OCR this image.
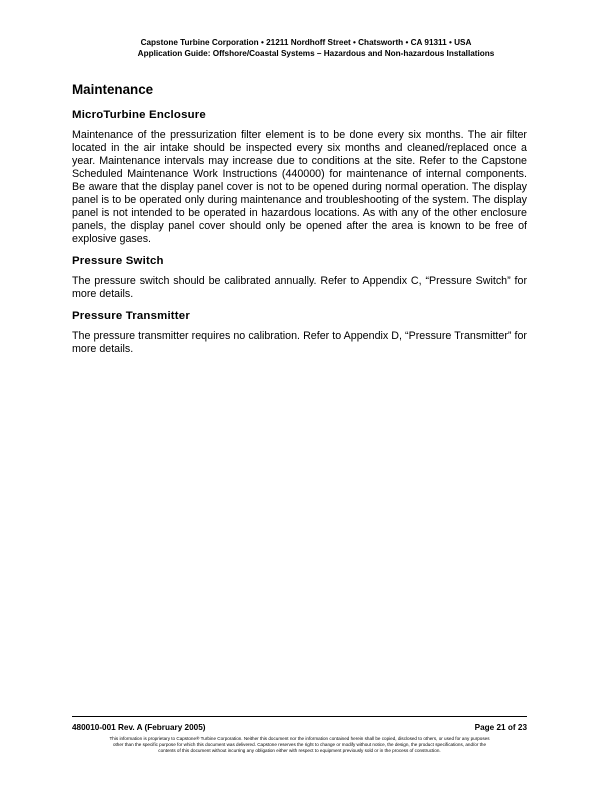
Capstone Turbine Corporation • 21211 Nordhoff Street • Chatsworth • CA 91311 • USA
Application Guide: Offshore/Coastal Systems – Hazardous and Non-hazardous Installations
Maintenance
MicroTurbine Enclosure

Maintenance of the pressurization filter element is to be done every six months. The air filter located in the air intake should be inspected every six months and cleaned/replaced once a year. Maintenance intervals may increase due to conditions at the site. Refer to the Capstone Scheduled Maintenance Work Instructions (440000) for maintenance of internal components. Be aware that the display panel cover is not to be opened during normal operation. The display panel is to be operated only during maintenance and troubleshooting of the system. The display panel is not intended to be operated in hazardous locations. As with any of the other enclosure panels, the display panel cover should only be opened after the area is known to be free of explosive gases.

Pressure Switch

The pressure switch should be calibrated annually. Refer to Appendix C, “Pressure Switch” for more details.

Pressure Transmitter

The pressure transmitter requires no calibration. Refer to Appendix D, “Pressure Transmitter” for more details.

480010-001 Rev. A (February 2005)	Page 21 of 23
This information is proprietary to Capstone® Turbine Corporation. Neither this document nor the information contained herein shall be copied, disclosed to others, or used for any purposes
other than the specific purpose for which this document was delivered. Capstone reserves the right to change or modify without notice, the design, the product specifications, and/or the
contents of this document without incurring any obligation either with respect to equipment previously sold or in the process of construction.
